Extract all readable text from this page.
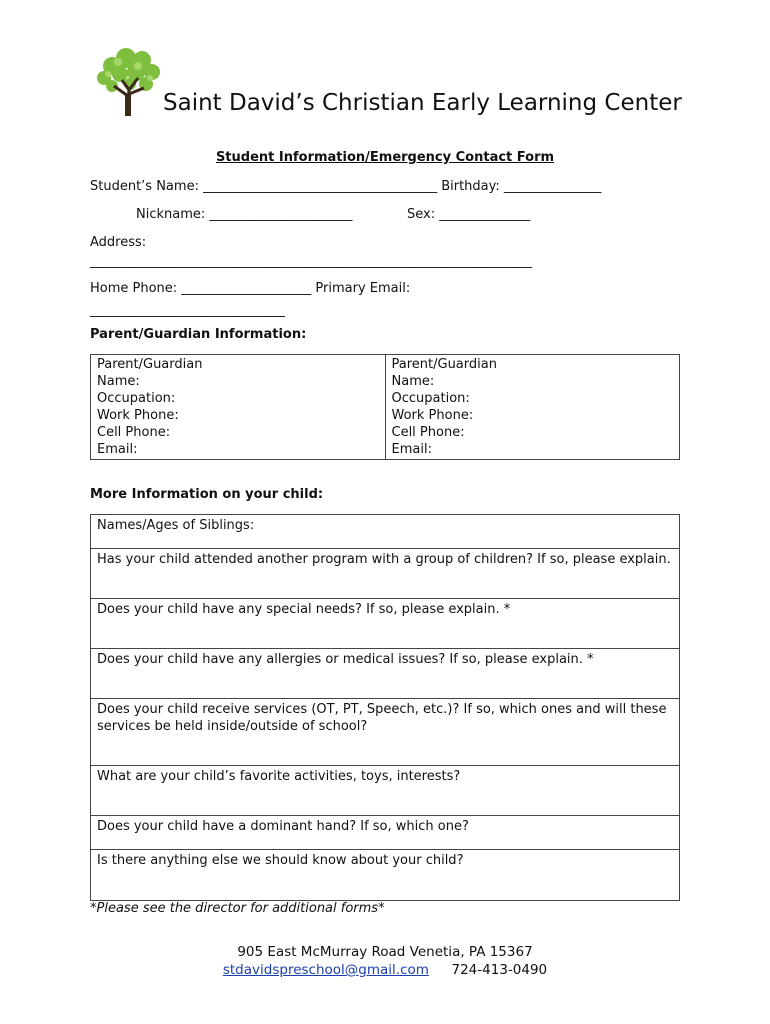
Saint David’s Christian Early Learning Center
Student Information/Emergency Contact Form
Student’s Name: ____________________________________ Birthday: _______________
Nickname: ______________________	Sex: ______________
Address:
____________________________________________________________________
Home Phone: ____________________ Primary Email:
______________________________
Parent/Guardian Information:
Parent/Guardian
Name:
Occupation:
Work Phone:
Cell Phone:
Email:

Parent/Guardian
Name:
Occupation:
Work Phone:
Cell Phone:
Email:
More Information on your child:
Names/Ages of Siblings:
Has your child attended another program with a group of children? If so, please explain.
Does your child have any special needs? If so, please explain. *
Does your child have any allergies or medical issues? If so, please explain. *
Does your child receive services (OT, PT, Speech, etc.)? If so, which ones and will these services be held inside/outside of school?
What are your child’s favorite activities, toys, interests?
Does your child have a dominant hand? If so, which one?
Is there anything else we should know about your child?
*Please see the director for additional forms*
905 East McMurray Road Venetia, PA 15367
stdavidspreschool@gmail.com 724-413-0490
